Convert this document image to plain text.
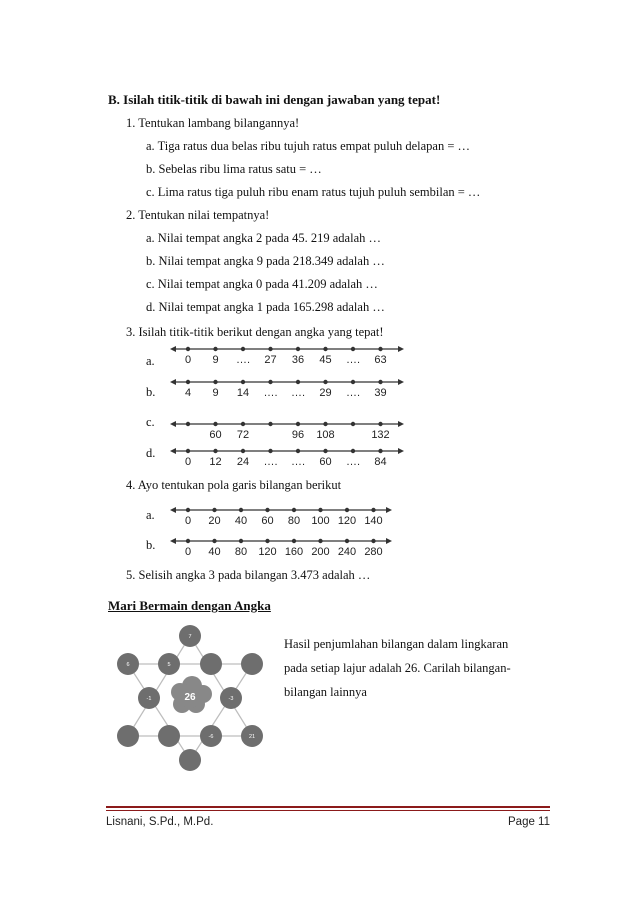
B. Isilah titik-titik di bawah ini dengan jawaban yang tepat!
1. Tentukan lambang bilangannya!
a. Tiga ratus dua belas ribu tujuh ratus empat puluh delapan = …
b. Sebelas ribu lima ratus satu = …
c. Lima ratus tiga puluh ribu enam ratus tujuh puluh sembilan = …
2. Tentukan nilai tempatnya!
a. Nilai tempat angka 2 pada 45. 219 adalah …
b. Nilai tempat angka 9 pada 218.349 adalah …
c. Nilai tempat angka 0 pada 41.209 adalah …
d. Nilai tempat angka 1 pada 165.298 adalah …
3. Isilah titik-titik berikut dengan angka yang tepat!
a.	0 9 …. 27 36 45 …. 63
b.	4 9 14 …. …. 29 …. 39
c.
60 72	96 108	132
d.
0 12 24 …. …. 60 …. 84
4. Ayo tentukan pola garis bilangan berikut
a.	0 20 40 60 80 100 120 140
b.	0 40 80 120 160 200 240 280
5. Selisih angka 3 pada bilangan 3.473 adalah …
Mari Bermain dengan Angka
26
7
6	5
-1	-3
-6	21
Hasil penjumlahan bilangan dalam lingkaran
pada setiap lajur adalah 26. Carilah bilangan-
bilangan lainnya
Lisnani, S.Pd., M.Pd.	Page 11
